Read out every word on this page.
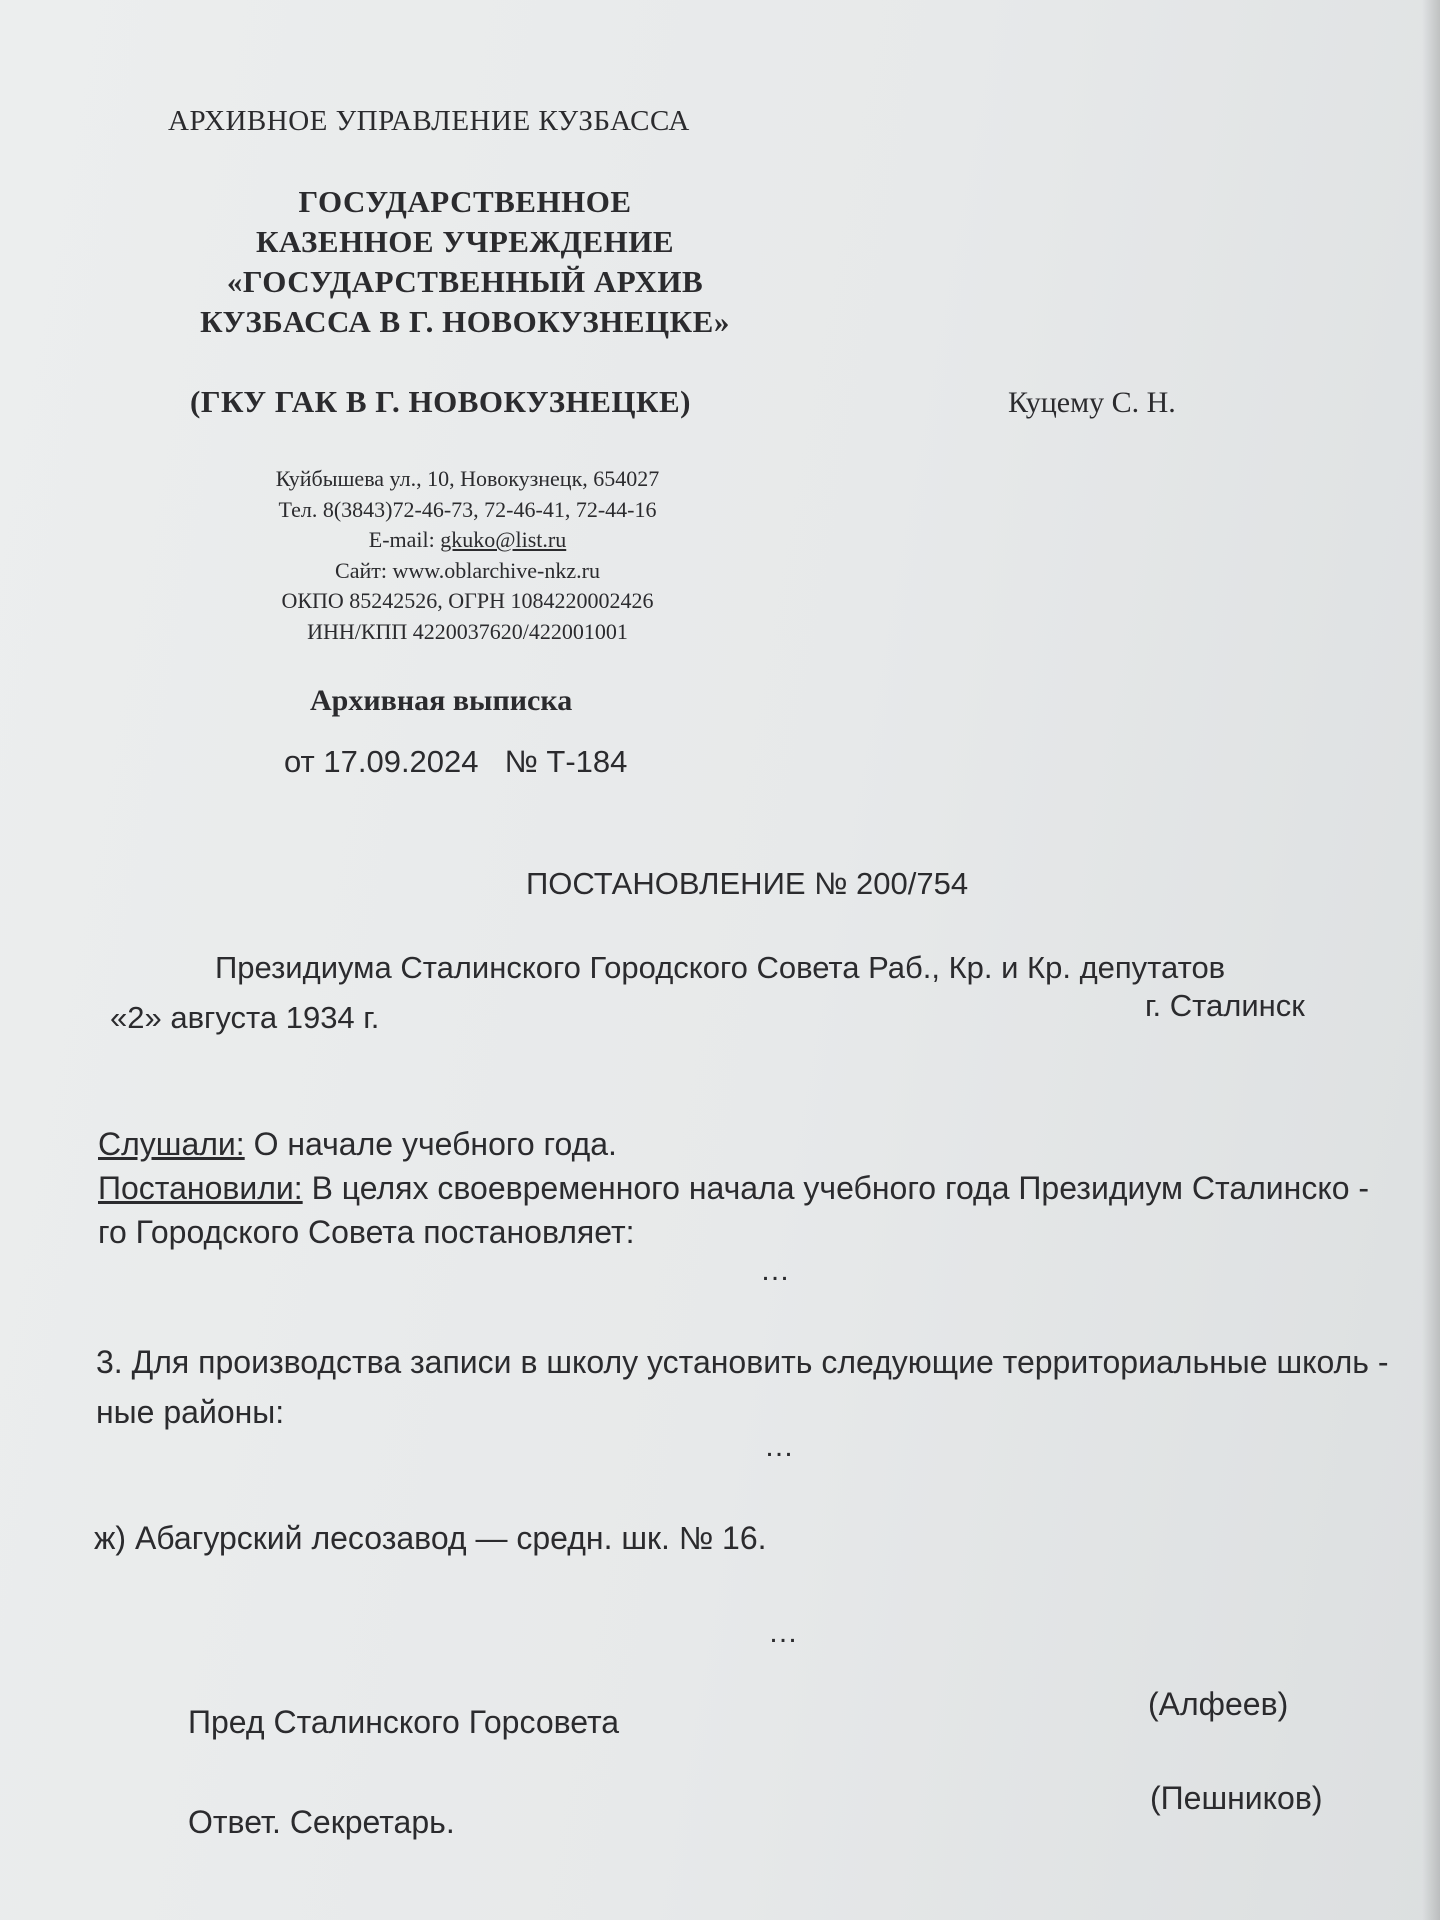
АРХИВНОЕ УПРАВЛЕНИЕ КУЗБАССА
ГОСУДАРСТВЕННОЕ
КАЗЕННОЕ УЧРЕЖДЕНИЕ
«ГОСУДАРСТВЕННЫЙ АРХИВ
КУЗБАССА В Г. НОВОКУЗНЕЦКЕ»
(ГКУ ГАК В Г. НОВОКУЗНЕЦКЕ)	Куцему С. Н.
Куйбышева ул., 10, Новокузнецк, 654027
Тел. 8(3843)72-46-73, 72-46-41, 72-44-16
E-mail: gkuko@list.ru
Сайт: www.oblarchive-nkz.ru
ОКПО 85242526, ОГРН 1084220002426
ИНН/КПП 4220037620/422001001
Архивная выписка
от 17.09.2024 № Т-184
ПОСТАНОВЛЕНИЕ № 200/754
Президиума Сталинского Городского Совета Раб., Кр. и Кр. депутатов
«2» августа 1934 г.	г. Сталинск
Слушали: О начале учебного года.
Постановили: В целях своевременного начала учебного года Президиум Сталинско -
го Городского Совета постановляет:
…
3. Для производства записи в школу установить следующие территориальные школь -
ные районы:
…
ж) Абагурский лесозавод — средн. шк. № 16.
…
Пред Сталинского Горсовета	(Алфеев)
Ответ. Секретарь.
(Пешников)
